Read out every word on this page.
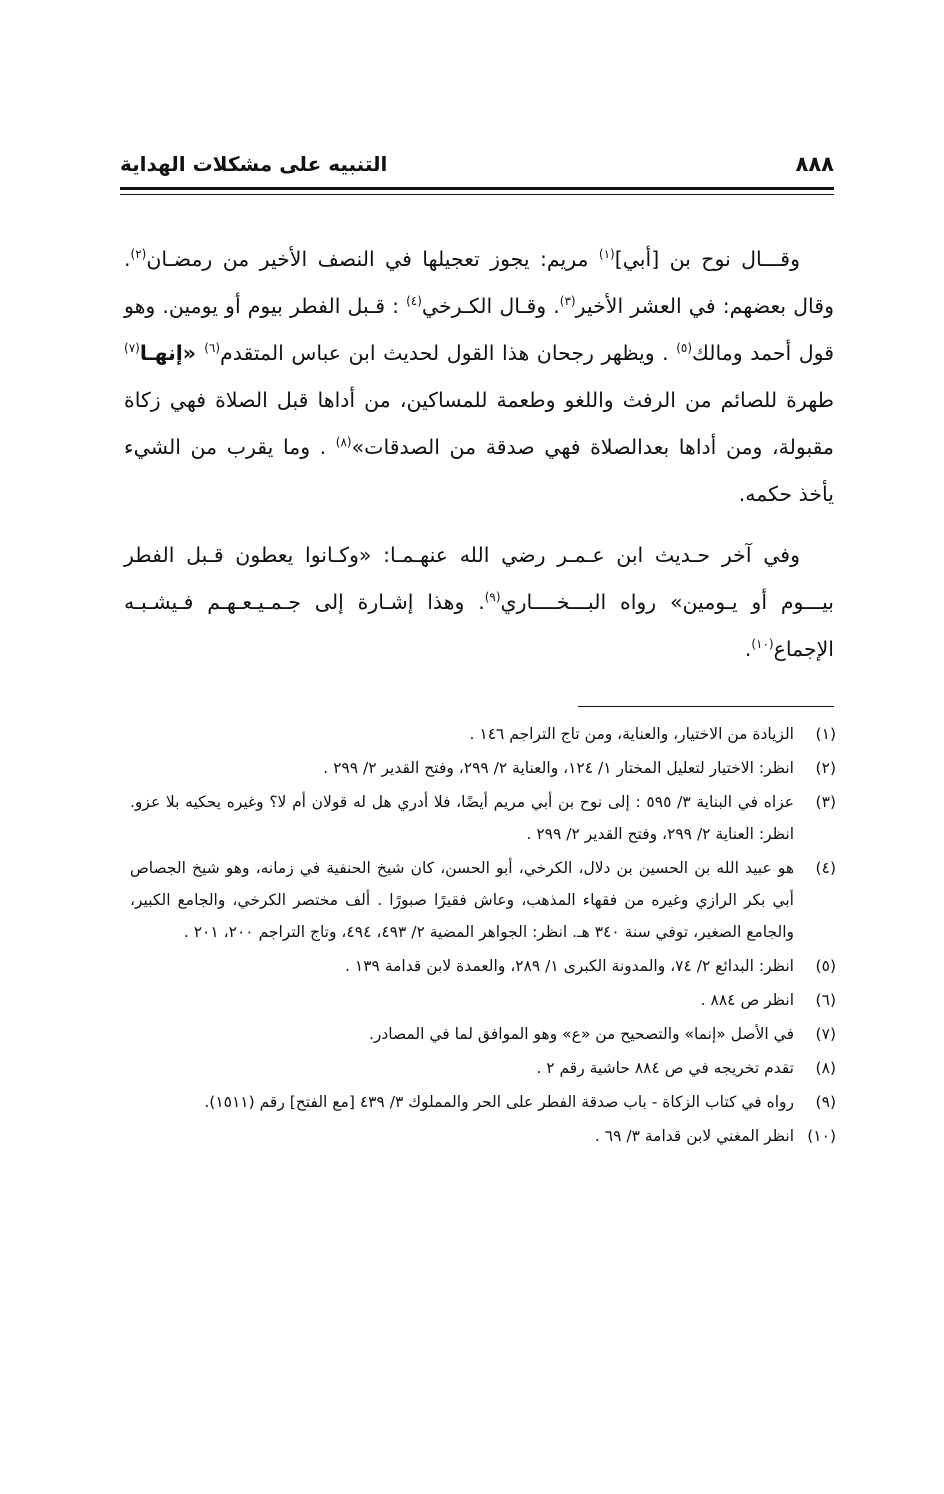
٨٨٨
التنبيه على مشكلات الهداية

وقـــال نوح بن [أبي]$^{(١)}$ مريم: يجوز تعجيلها في النصف الأخير من رمضـان$^{(٢)}$. وقال بعضهم: في العشر الأخير$^{(٣)}$. وقـال الكـرخي$^{(٤)}$ : قـبل الفطر بيوم أو يومين. وهو قول أحمد ومالك$^{(٥)}$ . ويظهر رجحان هذا القول لحديث ابن عباس المتقدم$^{(٦)}$ «إنهـا$^{(٧)}$ طهرة للصائم من الرفث واللغو وطعمة للمساكين، من أداها قبل الصلاة فهي زكاة مقبولة، ومن أداها بعدالصلاة فهي صدقة من الصدقات»$^{(٨)}$ . وما يقرب من الشيء يأخذ حكمه.

وفي آخر حـديث ابن عـمـر رضي الله عنهـمـا: «وكـانوا يعطون قـبل الفطر بيـــوم أو يـومين» رواه البـــخــــاري$^{(٩)}$. وهذا إشـارة إلى جـمـيـعـهـم فـيشـبـه الإجماع$^{(١٠)}$.

(١)
الزيادة من الاختيار، والعناية، ومن تاج التراجم ١٤٦ .
(٢)
انظر: الاختيار لتعليل المختار ١/ ١٢٤، والعناية ٢/ ٢٩٩، وفتح القدير ٢/ ٢٩٩ .
(٣)
عزاه في البناية ٣/ ٥٩٥ : إلى نوح بن أبي مريم أيضًا، فلا أدري هل له قولان أم لا؟ وغيره يحكيه بلا عزو. انظر: العناية ٢/ ٢٩٩، وفتح القدير ٢/ ٢٩٩ .
(٤)
هو عبيد الله بن الحسين بن دلال، الكرخي، أبو الحسن، كان شيخ الحنفية في زمانه، وهو شيخ الجصاص أبي بكر الرازي وغيره من فقهاء المذهب، وعاش فقيرًا صبورًا . ألف مختصر الكرخي، والجامع الكبير، والجامع الصغير، توفي سنة ٣٤٠ هـ. انظر: الجواهر المضية ٢/ ٤٩٣، ٤٩٤، وتاج التراجم ٢٠٠، ٢٠١ .
(٥)
انظر: البدائع ٢/ ٧٤، والمدونة الكبرى ١/ ٢٨٩، والعمدة لابن قدامة ١٣٩ .
(٦)
انظر ص ٨٨٤ .
(٧)
في الأصل «إنما» والتصحيح من «ع» وهو الموافق لما في المصادر.
(٨)
تقدم تخريجه في ص ٨٨٤ حاشية رقم ٢ .
(٩)
رواه في كتاب الزكاة - باب صدقة الفطر على الحر والمملوك ٣/ ٤٣٩ [مع الفتح] رقم (١٥١١).
(١٠)
انظر المغني لابن قدامة ٣/ ٦٩ .
